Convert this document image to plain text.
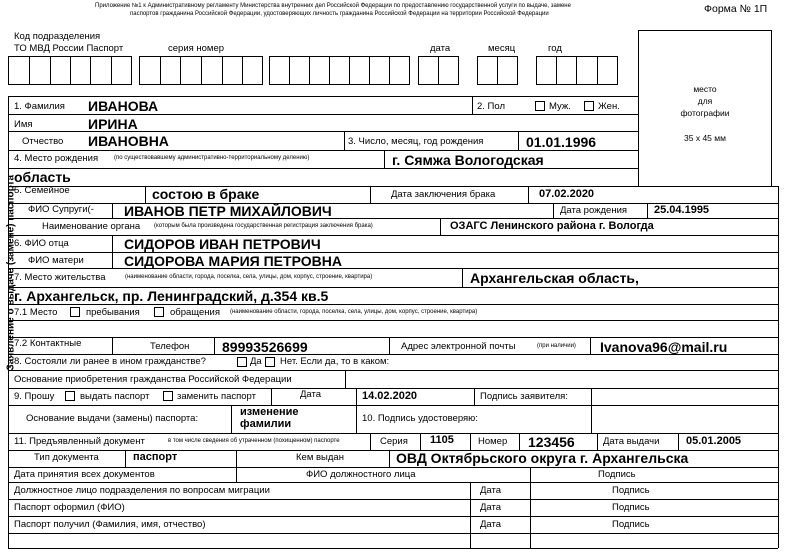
Приложение №1 к Административному регламенту Министерства внутренних дел Российской Федерации по предоставлению государственной услуги по выдаче, замене
паспортов гражданина Российской Федерации, удостоверяющих личность гражданина Российской Федерации на территории Российской Федерации	Форма № 1П
Код подразделения
ТО МВД России Паспорт	серия номер	дата	месяц	год
место
для
фотографии
35 х 45 мм
Заявление о выдаче (замене) паспорта
1. Фамилия ИВАНОВА	2. Пол	Муж.	Жен.
Имя	ИРИНА
Отчество ИВАНОВНА	3. Число, месяц, год рождения	01.01.1996
4. Место рождения	(по существовавшему административно-территориальному делению)	г. Сямжа Вологодская
область
5. Семейное	состою в браке	Дата заключения брака	07.02.2020
ФИО Супруги(- ИВАНОВ ПЕТР МИХАЙЛОВИЧ	Дата рождения 25.04.1995
Наименование органа (которым была произведена государственная регистрация заключения брака)	ОЗАГС Ленинского района г. Вологда
6. ФИО отца	СИДОРОВ ИВАН ПЕТРОВИЧ
ФИО матери	СИДОРОВА МАРИЯ ПЕТРОВНА
7. Место жительства	(наименование области, города, поселка, села, улицы, дом, корпус, строение, квартира)	Архангельская область,
г. Архангельск, пр. Ленинградский, д.354 кв.5
7.1 Место	пребывания	обращения (наименование области, города, поселка, села, улицы, дом, корпус, строение, квартира)
7.2 Контактные	Телефон 89993526699	Адрес электронной почты	(при наличии) Ivanova96@mail.ru
8. Состояли ли ранее в ином гражданстве?	Да Нет. Если да, то в каком:
Основание приобретения гражданства Российской Федерации
9. Прошу	выдать паспорт	заменить паспорт	Дата	14.02.2020	Подпись заявителя:
Основание выдачи (замены) паспорта:
изменение
фамилии	10. Подпись удостоверяю:
11. Предъявленный документ	в том числе сведения об утраченном (похищенном) паспорте	Серия 1105	Номер 123456	Дата выдачи 05.01.2005
Тип документа	паспорт	Кем выдан	ОВД Октябрьского округа г. Архангельска
Дата принятия всех документов	ФИО должностного лица	Подпись
Должностное лицо подразделения по вопросам миграции	Дата	Подпись
Паспорт оформил (ФИО)	Дата	Подпись
Паспорт получил (Фамилия, имя, отчество)	Дата	Подпись
